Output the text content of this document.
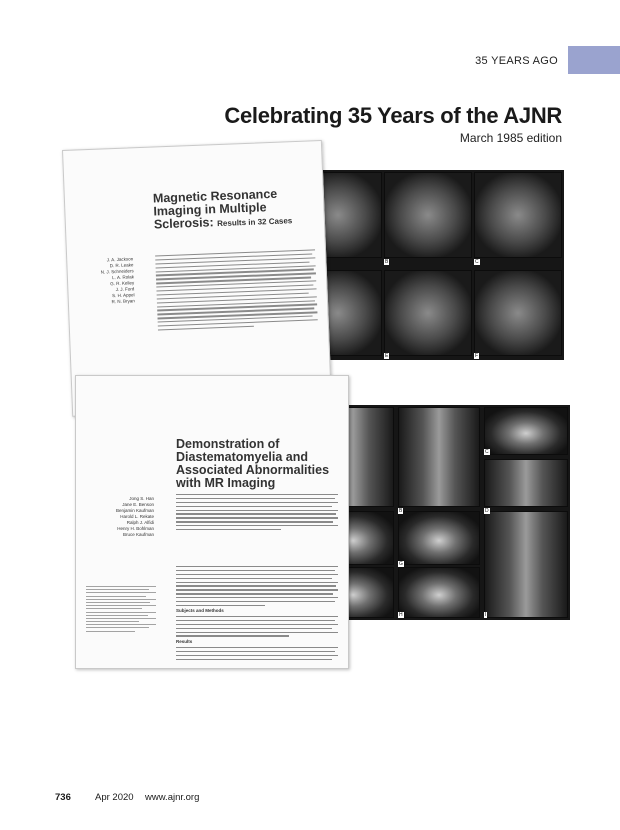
35 YEARS AGO
Celebrating 35 Years of the AJNR
March 1985 edition
B	C
E	F
Magnetic Resonance
Imaging in Multiple
Sclerosis: Results in 32 Cases
J. A. Jackson
D. R. Leake
N. J. Schneiders
L. A. Rolak
G. R. Kelley
J. J. Ford
S. H. Appel
R. N. Bryan
B
C
D
G
H	I
Demonstration of
Diastematomyelia and
Associated Abnormalities
with MR Imaging
Jong S. Han
Jane E. Benson
Benjamin Kaufman
Harold L. Rekate
Ralph J. Alfidi
Henry H. Bohlman
Bruce Kaufman
Subjects and Methods
Results
736	Apr 2020 www.ajnr.org
